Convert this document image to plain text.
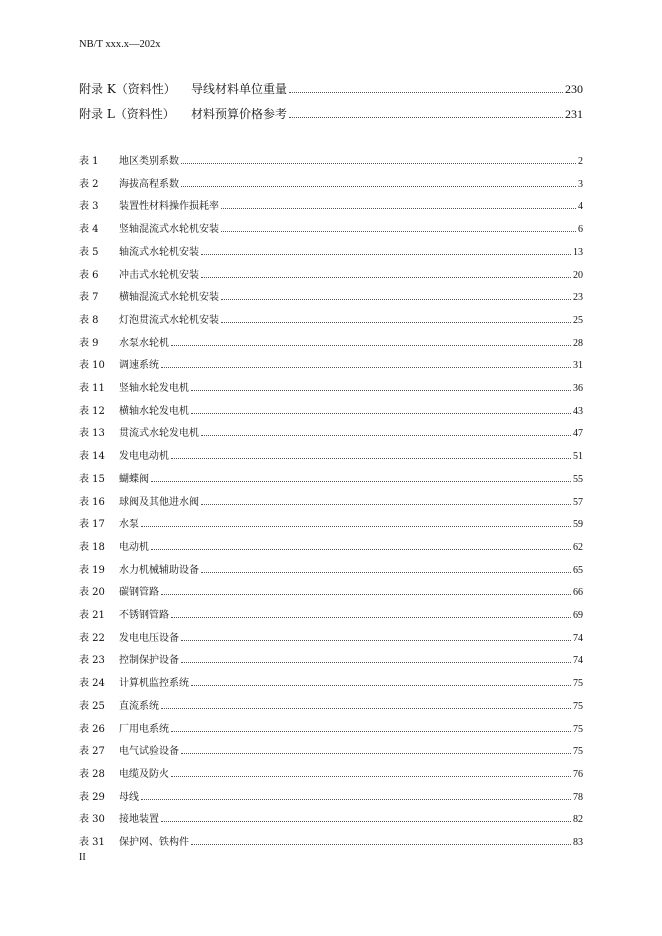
NB/T xxx.x—202x
附录 K（资料性）	导线材料单位重量	230
附录 L（资料性）	材料预算价格参考	231
表 1	地区类别系数	2
表 2	海拔高程系数	3
表 3	装置性材料操作损耗率	4
表 4	竖轴混流式水轮机安装	6
表 5	轴流式水轮机安装	13
表 6	冲击式水轮机安装	20
表 7	横轴混流式水轮机安装	23
表 8	灯泡贯流式水轮机安装	25
表 9	水泵水轮机	28
表 10	调速系统	31
表 11	竖轴水轮发电机	36
表 12	横轴水轮发电机	43
表 13	贯流式水轮发电机	47
表 14	发电电动机	51
表 15	蝴蝶阀	55
表 16	球阀及其他进水阀	57
表 17	水泵	59
表 18	电动机	62
表 19	水力机械辅助设备	65
表 20	碳钢管路	66
表 21	不锈钢管路	69
表 22	发电电压设备	74
表 23	控制保护设备	74
表 24	计算机监控系统	75
表 25	直流系统	75
表 26	厂用电系统	75
表 27	电气试验设备	75
表 28	电缆及防火	76
表 29	母线	78
表 30	接地装置	82
表 31	保护网、铁构件	83
II
